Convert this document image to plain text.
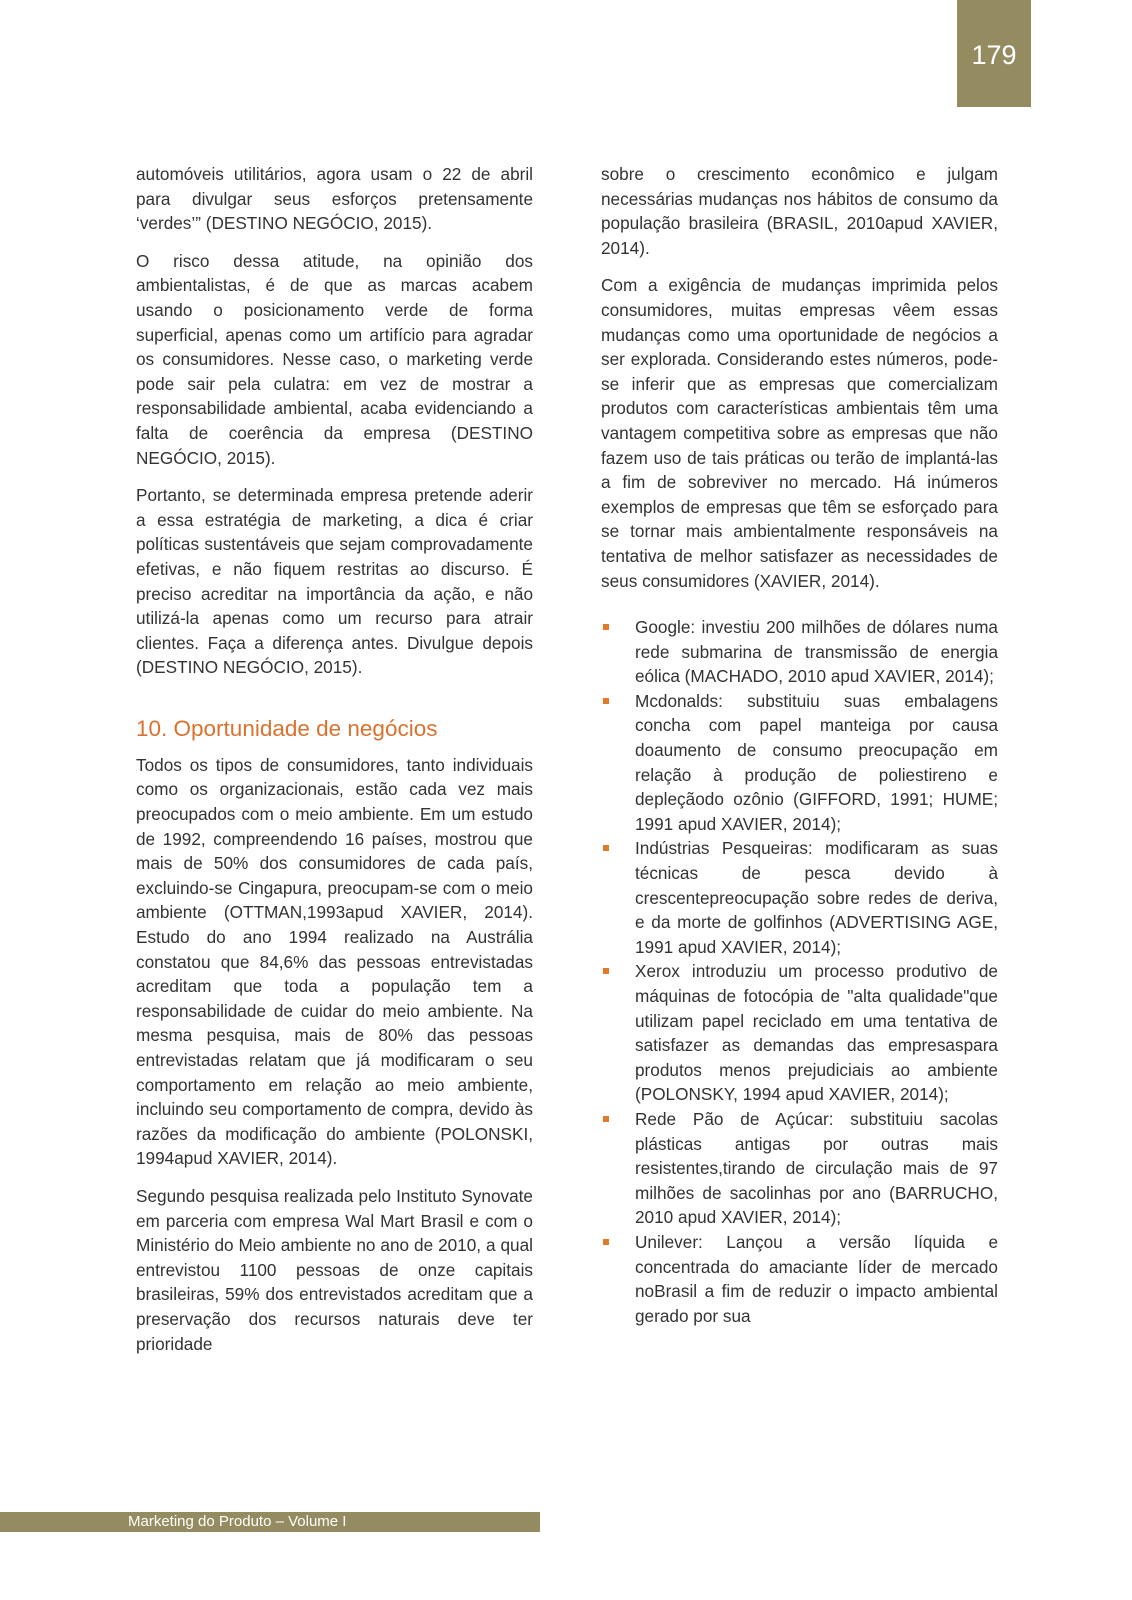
179

automóveis utilitários, agora usam o 22 de abril para divulgar seus esforços pretensamente ‘verdes’” (DESTINO NEGÓCIO, 2015).

O risco dessa atitude, na opinião dos ambientalistas, é de que as marcas acabem usando o posicionamento verde de forma superficial, apenas como um artifício para agradar os consumidores. Nesse caso, o marketing verde pode sair pela culatra: em vez de mostrar a responsabilidade ambiental, acaba evidenciando a falta de coerência da empresa (DESTINO NEGÓCIO, 2015).

Portanto, se determinada empresa pretende aderir a essa estratégia de marketing, a dica é criar políticas sustentáveis que sejam comprovadamente efetivas, e não fiquem restritas ao discurso. É preciso acreditar na importância da ação, e não utilizá-la apenas como um recurso para atrair clientes. Faça a diferença antes. Divulgue depois (DESTINO NEGÓCIO, 2015).

10. Oportunidade de negócios

Todos os tipos de consumidores, tanto individuais como os organizacionais, estão cada vez mais preocupados com o meio ambiente. Em um estudo de 1992, compreendendo 16 países, mostrou que mais de 50% dos consumidores de cada país, excluindo-se Cingapura, preocupam-se com o meio ambiente (OTTMAN,1993apud XAVIER, 2014). Estudo do ano 1994 realizado na Austrália constatou que 84,6% das pessoas entrevistadas acreditam que toda a população tem a responsabilidade de cuidar do meio ambiente. Na mesma pesquisa, mais de 80% das pessoas entrevistadas relatam que já modificaram o seu comportamento em relação ao meio ambiente, incluindo seu comportamento de compra, devido às razões da modificação do ambiente (POLONSKI, 1994apud XAVIER, 2014).

Segundo pesquisa realizada pelo Instituto Synovate em parceria com empresa Wal Mart Brasil e com o Ministério do Meio ambiente no ano de 2010, a qual entrevistou 1100 pessoas de onze capitais brasileiras, 59% dos entrevistados acreditam que a preservação dos recursos naturais deve ter prioridade

sobre o crescimento econômico e julgam necessárias mudanças nos hábitos de consumo da população brasileira (BRASIL, 2010apud XAVIER, 2014).

Com a exigência de mudanças imprimida pelos consumidores, muitas empresas vêem essas mudanças como uma oportunidade de negócios a ser explorada. Considerando estes números, pode-se inferir que as empresas que comercializam produtos com características ambientais têm uma vantagem competitiva sobre as empresas que não fazem uso de tais práticas ou terão de implantá-las a fim de sobreviver no mercado. Há inúmeros exemplos de empresas que têm se esforçado para se tornar mais ambientalmente responsáveis na tentativa de melhor satisfazer as necessidades de seus consumidores (XAVIER, 2014).

Google: investiu 200 milhões de dólares numa rede submarina de transmissão de energia eólica (MACHADO, 2010 apud XAVIER, 2014);
Mcdonalds: substituiu suas embalagens concha com papel manteiga por causa doaumento de consumo preocupação em relação à produção de poliestireno e depleçãodo ozônio (GIFFORD, 1991; HUME; 1991 apud XAVIER, 2014);
Indústrias Pesqueiras: modificaram as suas técnicas de pesca devido à crescentepreocupação sobre redes de deriva, e da morte de golfinhos (ADVERTISING AGE, 1991 apud XAVIER, 2014);
Xerox introduziu um processo produtivo de máquinas de fotocópia de "alta qualidade"que utilizam papel reciclado em uma tentativa de satisfazer as demandas das empresaspara produtos menos prejudiciais ao ambiente (POLONSKY, 1994 apud XAVIER, 2014);
Rede Pão de Açúcar: substituiu sacolas plásticas antigas por outras mais resistentes,tirando de circulação mais de 97 milhões de sacolinhas por ano (BARRUCHO, 2010 apud XAVIER, 2014);
Unilever: Lançou a versão líquida e concentrada do amaciante líder de mercado noBrasil a fim de reduzir o impacto ambiental gerado por sua
Marketing do Produto – Volume I
